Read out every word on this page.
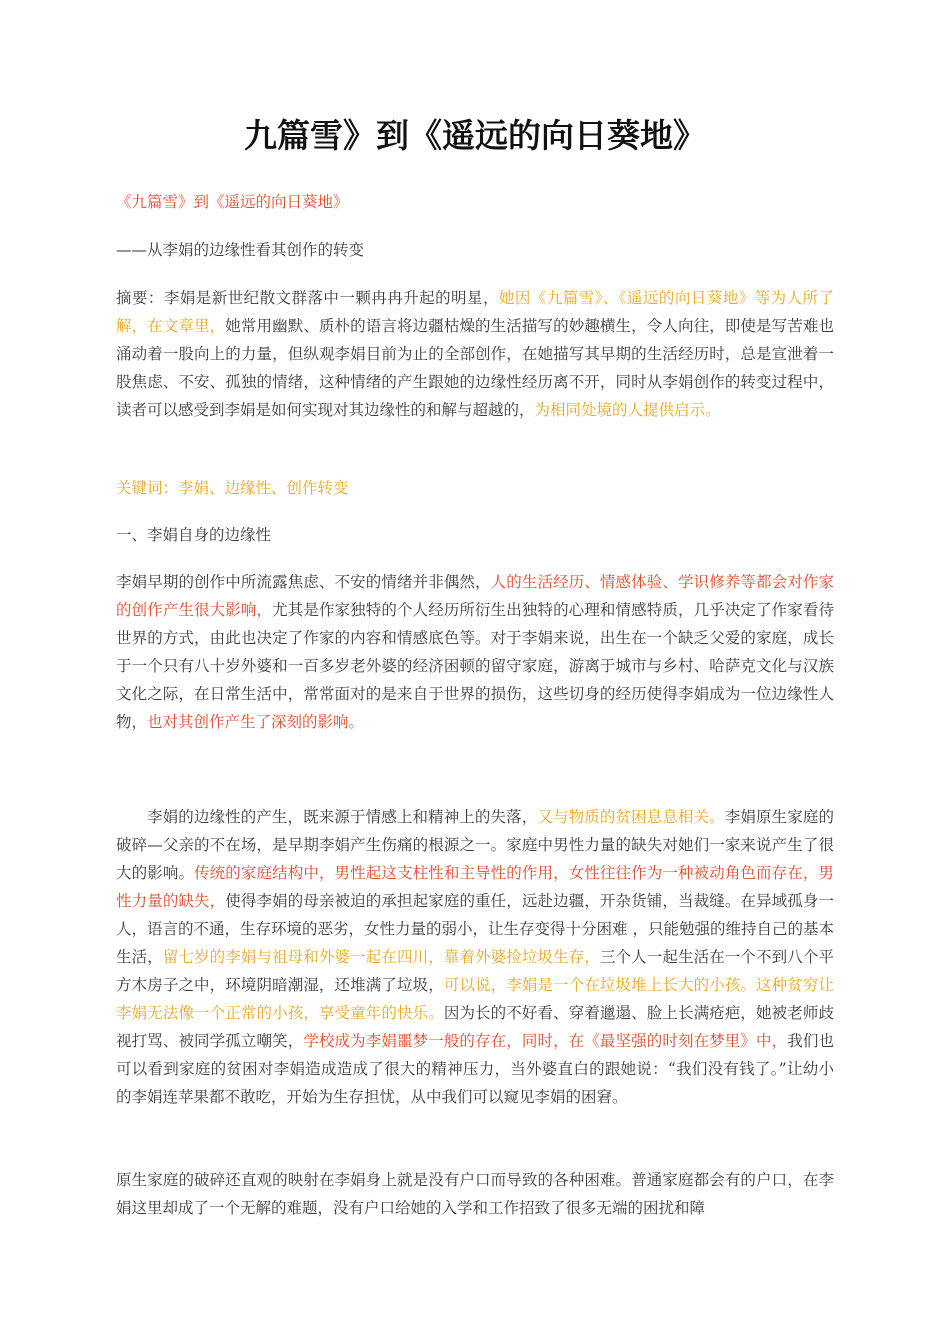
九篇雪》到《遥远的向日葵地》

《九篇雪》到《遥远的向日葵地》

——从李娟的边缘性看其创作的转变

摘要：李娟是新世纪散文群落中一颗冉冉升起的明星，她因《九篇雪》、《遥远的向日葵地》等为人所了解，在文章里，她常用幽默、质朴的语言将边疆枯燥的生活描写的妙趣横生，令人向往，即使是写苦难也涌动着一股向上的力量，但纵观李娟目前为止的全部创作，在她描写其早期的生活经历时，总是宣泄着一股焦虑、不安、孤独的情绪，这种情绪的产生跟她的边缘性经历离不开，同时从李娟创作的转变过程中，读者可以感受到李娟是如何实现对其边缘性的和解与超越的，为相同处境的人提供启示。

关键词：李娟、边缘性、创作转变

一、李娟自身的边缘性

李娟早期的创作中所流露焦虑、不安的情绪并非偶然，人的生活经历、情感体验、学识修养等都会对作家的创作产生很大影响，尤其是作家独特的个人经历所衍生出独特的心理和情感特质，几乎决定了作家看待世界的方式，由此也决定了作家的内容和情感底色等。对于李娟来说，出生在一个缺乏父爱的家庭，成长于一个只有八十岁外婆和一百多岁老外婆的经济困顿的留守家庭，游离于城市与乡村、哈萨克文化与汉族文化之际，在日常生活中，常常面对的是来自于世界的损伤，这些切身的经历使得李娟成为一位边缘性人物，也对其创作产生了深刻的影响。

李娟的边缘性的产生，既来源于情感上和精神上的失落，又与物质的贫困息息相关。李娟原生家庭的破碎—父亲的不在场，是早期李娟产生伤痛的根源之一。家庭中男性力量的缺失对她们一家来说产生了很大的影响。传统的家庭结构中，男性起这支柱性和主导性的作用，女性往往作为一种被动角色而存在，男性力量的缺失，使得李娟的母亲被迫的承担起家庭的重任，远赴边疆，开杂货铺，当裁缝。在异域孤身一人，语言的不通，生存环境的恶劣，女性力量的弱小，让生存变得十分困难 ，只能勉强的维持自己的基本生活，留七岁的李娟与祖母和外婆一起在四川，靠着外婆捡垃圾生存，三个人一起生活在一个不到八个平方木房子之中，环境阴暗潮湿，还堆满了垃圾，可以说，李娟是一个在垃圾堆上长大的小孩。这种贫穷让李娟无法像一个正常的小孩，享受童年的快乐。因为长的不好看、穿着邋遢、脸上长满疮疤，她被老师歧视打骂、被同学孤立嘲笑，学校成为李娟噩梦一般的存在，同时，在《最坚强的时刻在梦里》中，我们也可以看到家庭的贫困对李娟造成造成了很大的精神压力，当外婆直白的跟她说：“我们没有钱了。”让幼小的李娟连苹果都不敢吃，开始为生存担忧，从中我们可以窥见李娟的困窘。

原生家庭的破碎还直观的映射在李娟身上就是没有户口而导致的各种困难。普通家庭都会有的户口，在李娟这里却成了一个无解的难题，没有户口给她的入学和工作招致了很多无端的困扰和障
